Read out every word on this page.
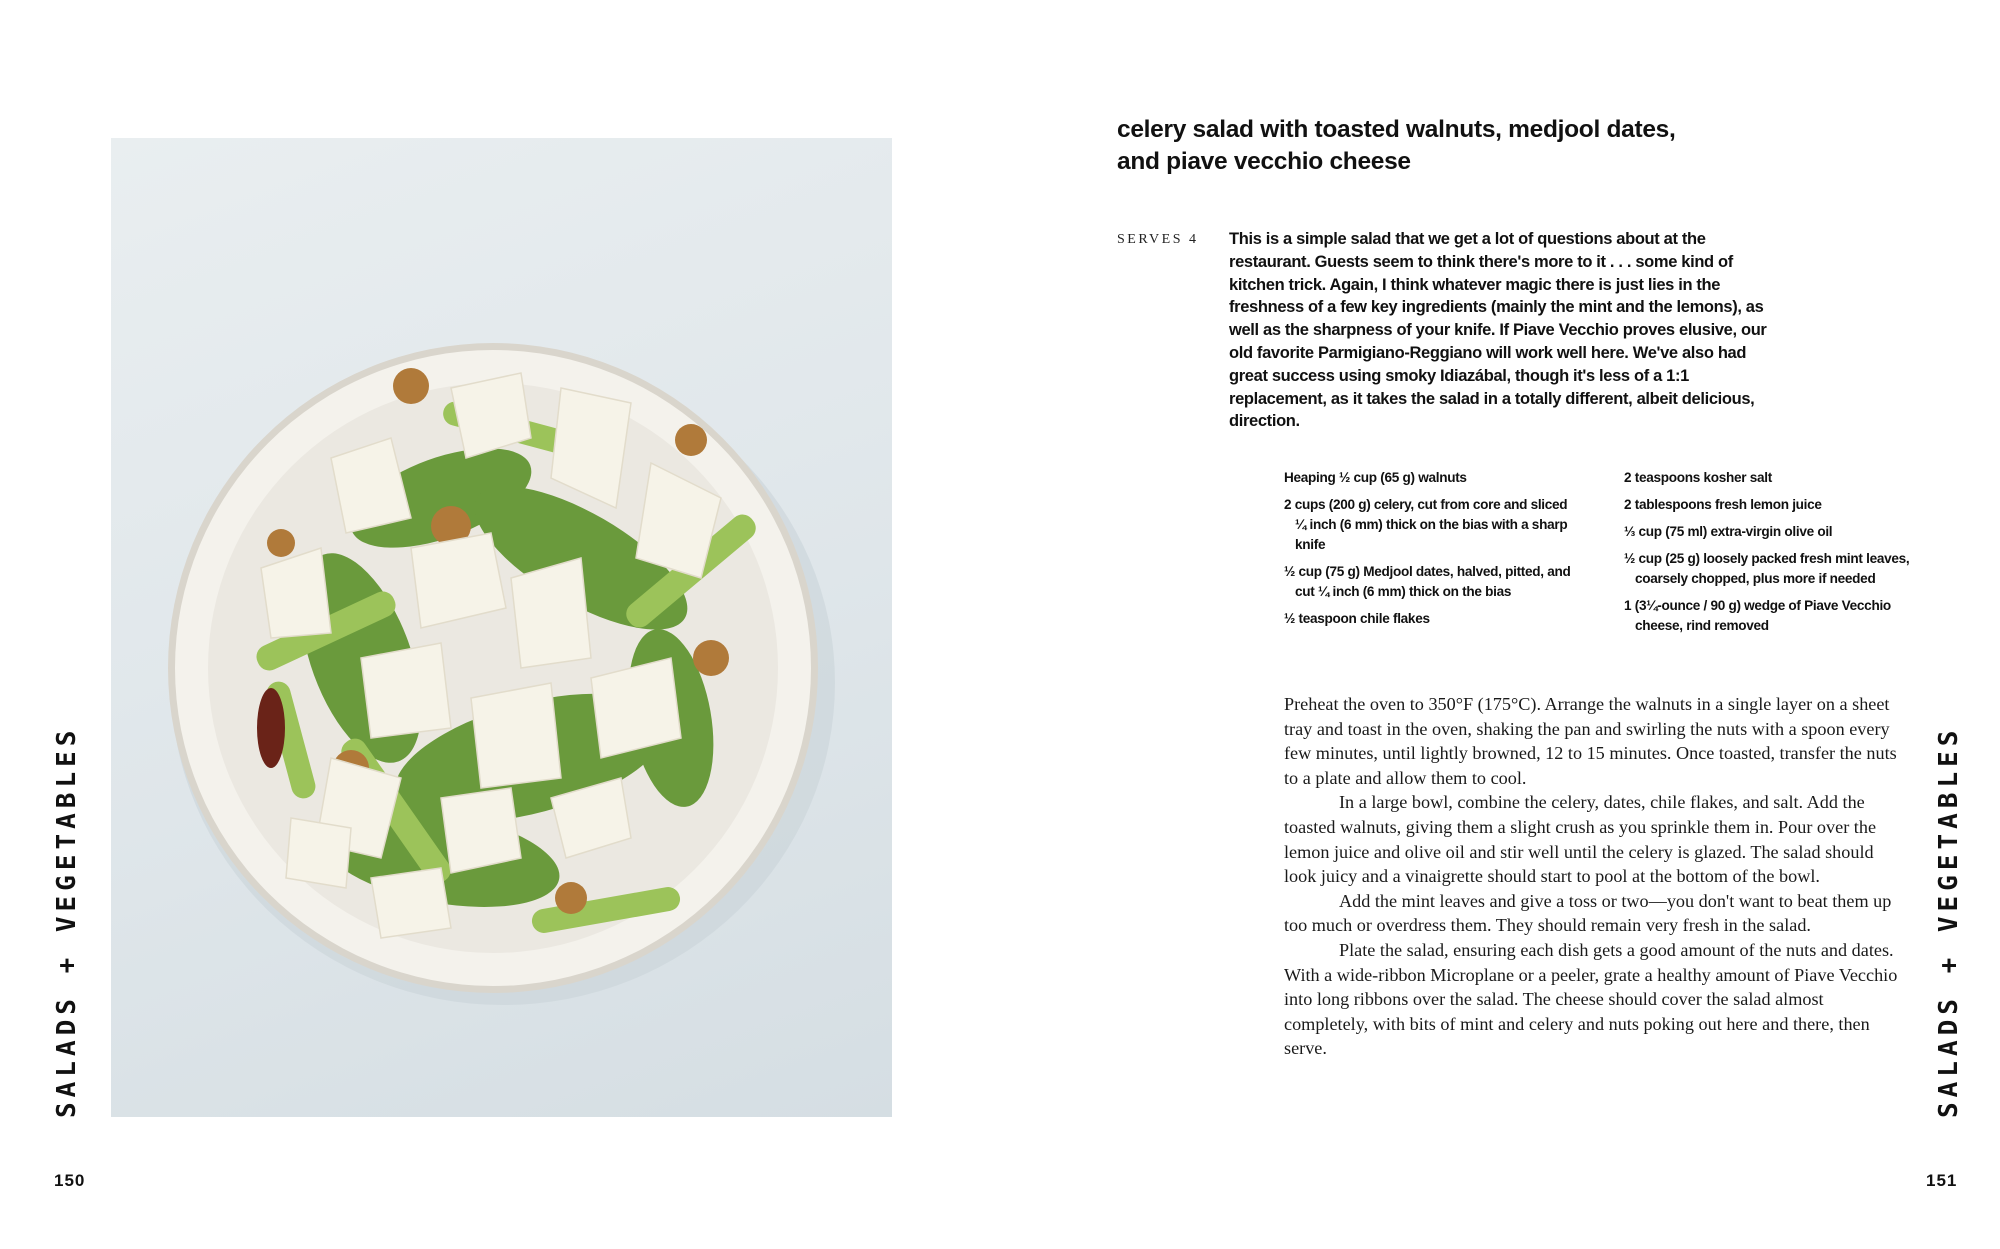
SALADS + VEGETABLES
150
celery salad with toasted walnuts, medjool dates,
and piave vecchio cheese
SERVES 4 This is a simple salad that we get a lot of questions about at the restaurant. Guests seem to think there's more to it . . . some kind of kitchen trick. Again, I think whatever magic there is just lies in the freshness of a few key ingredients (mainly the mint and the lemons), as well as the sharpness of your knife. If Piave Vecchio proves elusive, our old favorite Parmigiano-Reggiano will work well here. We've also had great success using smoky Idiazábal, though it's less of a 1:1 replacement, as it takes the salad in a totally different, albeit delicious, direction.

Heaping ½ cup (65 g) walnuts
2 cups (200 g) celery, cut from core and sliced ¼ inch (6 mm) thick on the bias with a sharp knife
½ cup (75 g) Medjool dates, halved, pitted, and cut ¼ inch (6 mm) thick on the bias
½ teaspoon chile flakes
2 teaspoons kosher salt
2 tablespoons fresh lemon juice
⅓ cup (75 ml) extra-virgin olive oil
½ cup (25 g) loosely packed fresh mint leaves, coarsely chopped, plus more if needed
1 (3¼-ounce / 90 g) wedge of Piave Vecchio cheese, rind removed

Preheat the oven to 350°F (175°C). Arrange the walnuts in a single layer on a sheet tray and toast in the oven, shaking the pan and swirling the nuts with a spoon every few minutes, until lightly browned, 12 to 15 minutes. Once toasted, transfer the nuts to a plate and allow them to cool.

In a large bowl, combine the celery, dates, chile flakes, and salt. Add the toasted walnuts, giving them a slight crush as you sprinkle them in. Pour over the lemon juice and olive oil and stir well until the celery is glazed. The salad should look juicy and a vinaigrette should start to pool at the bottom of the bowl.

Add the mint leaves and give a toss or two—you don't want to beat them up too much or overdress them. They should remain very fresh in the salad.

Plate the salad, ensuring each dish gets a good amount of the nuts and dates. With a wide-ribbon Microplane or a peeler, grate a healthy amount of Piave Vecchio into long ribbons over the salad. The cheese should cover the salad almost completely, with bits of mint and celery and nuts poking out here and there, then serve.	SALADS + VEGETABLES
151
